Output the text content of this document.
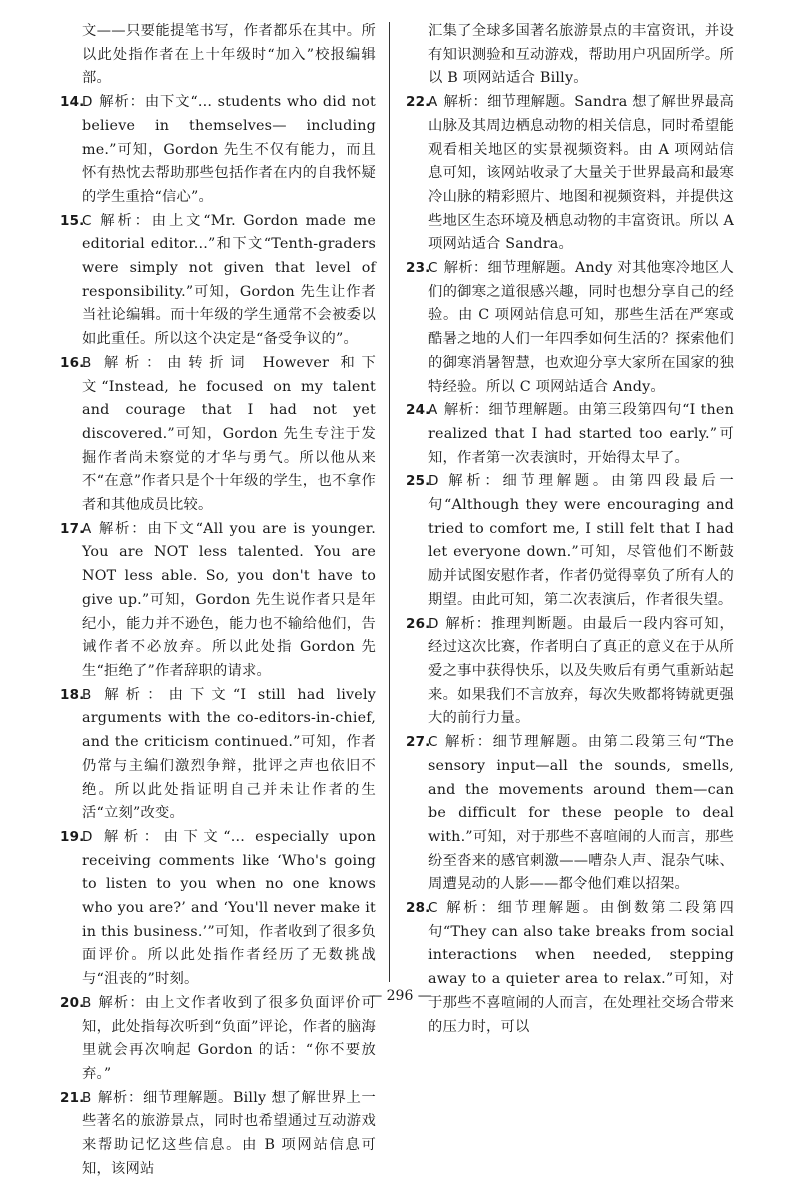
文——只要能提笔书写，作者都乐在其中。所以此处指作者在上十年级时“加入”校报编辑部。

14.
D 解析：由下文“... students who did not believe in themselves— including me.”可知，Gordon 先生不仅有能力，而且怀有热忱去帮助那些包括作者在内的自我怀疑的学生重拾“信心”。

15.
C 解析：由上文“Mr. Gordon made me editorial editor...”和下文“Tenth-graders were simply not given that level of responsibility.”可知，Gordon 先生让作者当社论编辑。而十年级的学生通常不会被委以如此重任。所以这个决定是“备受争议的”。

16.
B 解析：由转折词 However 和下文“Instead, he focused on my talent and courage that I had not yet discovered.”可知，Gordon 先生专注于发掘作者尚未察觉的才华与勇气。所以他从来不“在意”作者只是个十年级的学生，也不拿作者和其他成员比较。

17.
A 解析：由下文“All you are is younger. You are NOT less talented. You are NOT less able. So, you don't have to give up.”可知，Gordon 先生说作者只是年纪小，能力并不逊色，能力也不输给他们，告诫作者不必放弃。所以此处指 Gordon 先生“拒绝了”作者辞职的请求。

18.
B 解析：由下文“I still had lively arguments with the co-editors-in-chief, and the criticism continued.”可知，作者仍常与主编们激烈争辩，批评之声也依旧不绝。所以此处指证明自己并未让作者的生活“立刻”改变。

19.
D 解析：由下文“... especially upon receiving comments like ‘Who's going to listen to you when no one knows who you are?’ and ‘You'll never make it in this business.’”可知，作者收到了很多负面评价。所以此处指作者经历了无数挑战与“沮丧的”时刻。

20.
B 解析：由上文作者收到了很多负面评价可知，此处指每次听到“负面”评论，作者的脑海里就会再次响起 Gordon 的话：“你不要放弃。”

21.
B 解析：细节理解题。Billy 想了解世界上一些著名的旅游景点，同时也希望通过互动游戏来帮助记忆这些信息。由 B 项网站信息可知，该网站

汇集了全球多国著名旅游景点的丰富资讯，并设有知识测验和互动游戏，帮助用户巩固所学。所以 B 项网站适合 Billy。

22.
A 解析：细节理解题。Sandra 想了解世界最高山脉及其周边栖息动物的相关信息，同时希望能观看相关地区的实景视频资料。由 A 项网站信息可知，该网站收录了大量关于世界最高和最寒冷山脉的精彩照片、地图和视频资料，并提供这些地区生态环境及栖息动物的丰富资讯。所以 A 项网站适合 Sandra。

23.
C 解析：细节理解题。Andy 对其他寒冷地区人们的御寒之道很感兴趣，同时也想分享自己的经验。由 C 项网站信息可知，那些生活在严寒或酷暑之地的人们一年四季如何生活的？探索他们的御寒消暑智慧，也欢迎分享大家所在国家的独特经验。所以 C 项网站适合 Andy。

24.
A 解析：细节理解题。由第三段第四句“I then realized that I had started too early.”可知，作者第一次表演时，开始得太早了。

25.
D 解析：细节理解题。由第四段最后一句“Although they were encouraging and tried to comfort me, I still felt that I had let everyone down.”可知，尽管他们不断鼓励并试图安慰作者，作者仍觉得辜负了所有人的期望。由此可知，第二次表演后，作者很失望。

26.
D 解析：推理判断题。由最后一段内容可知，经过这次比赛，作者明白了真正的意义在于从所爱之事中获得快乐，以及失败后有勇气重新站起来。如果我们不言放弃，每次失败都将铸就更强大的前行力量。

27.
C 解析：细节理解题。由第二段第三句“The sensory input—all the sounds, smells, and the movements around them—can be difficult for these people to deal with.”可知，对于那些不喜喧闹的人而言，那些纷至沓来的感官刺激——嘈杂人声、混杂气味、周遭晃动的人影——都令他们难以招架。

28.
C 解析：细节理解题。由倒数第二段第四句“They can also take breaks from social interactions when needed, stepping away to a quieter area to relax.”可知，对于那些不喜喧闹的人而言，在处理社交场合带来的压力时，可以

— 296 —
